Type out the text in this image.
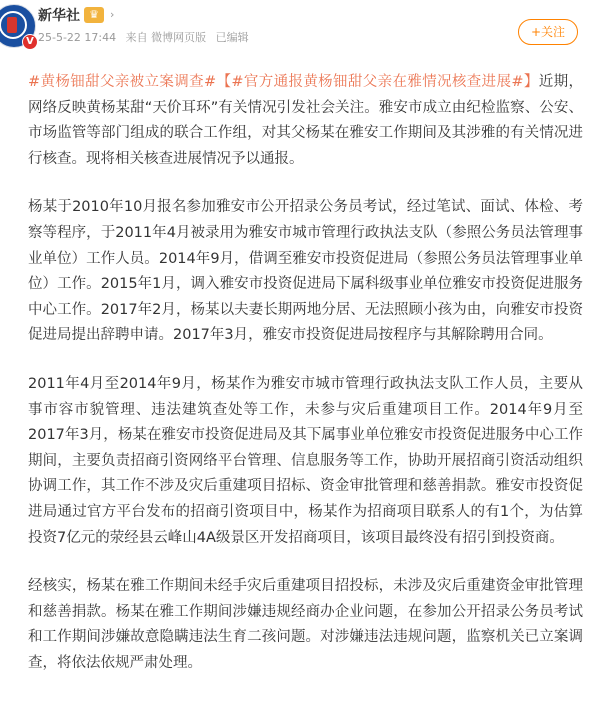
V
新华社 ♛	›
25-5-22 17:44 来自 微博网页版 已编辑	+关注

#黄杨钿甜父亲被立案调查#【#官方通报黄杨钿甜父亲在雅情况核查进展#】近期，网络反映黄杨某甜“天价耳环”有关情况引发社会关注。雅安市成立由纪检监察、公安、市场监管等部门组成的联合工作组，对其父杨某在雅安工作期间及其涉雅的有关情况进行核查。现将相关核查进展情况予以通报。

杨某于2010年10月报名参加雅安市公开招录公务员考试，经过笔试、面试、体检、考察等程序，于2011年4月被录用为雅安市城市管理行政执法支队（参照公务员法管理事业单位）工作人员。2014年9月，借调至雅安市投资促进局（参照公务员法管理事业单位）工作。2015年1月，调入雅安市投资促进局下属科级事业单位雅安市投资促进服务中心工作。2017年2月，杨某以夫妻长期两地分居、无法照顾小孩为由，向雅安市投资促进局提出辞聘申请。2017年3月，雅安市投资促进局按程序与其解除聘用合同。

2011年4月至2014年9月，杨某作为雅安市城市管理行政执法支队工作人员，主要从事市容市貌管理、违法建筑查处等工作，未参与灾后重建项目工作。2014年9月至2017年3月，杨某在雅安市投资促进局及其下属事业单位雅安市投资促进服务中心工作期间，主要负责招商引资网络平台管理、信息服务等工作，协助开展招商引资活动组织协调工作，其工作不涉及灾后重建项目招标、资金审批管理和慈善捐款。雅安市投资促进局通过官方平台发布的招商引资项目中，杨某作为招商项目联系人的有1个，为估算投资7亿元的荥经县云峰山4A级景区开发招商项目，该项目最终没有招引到投资商。

经核实，杨某在雅工作期间未经手灾后重建项目招投标，未涉及灾后重建资金审批管理和慈善捐款。杨某在雅工作期间涉嫌违规经商办企业问题，在参加公开招录公务员考试和工作期间涉嫌故意隐瞒违法生育二孩问题。对涉嫌违法违规问题，监察机关已立案调查，将依法依规严肃处理。
